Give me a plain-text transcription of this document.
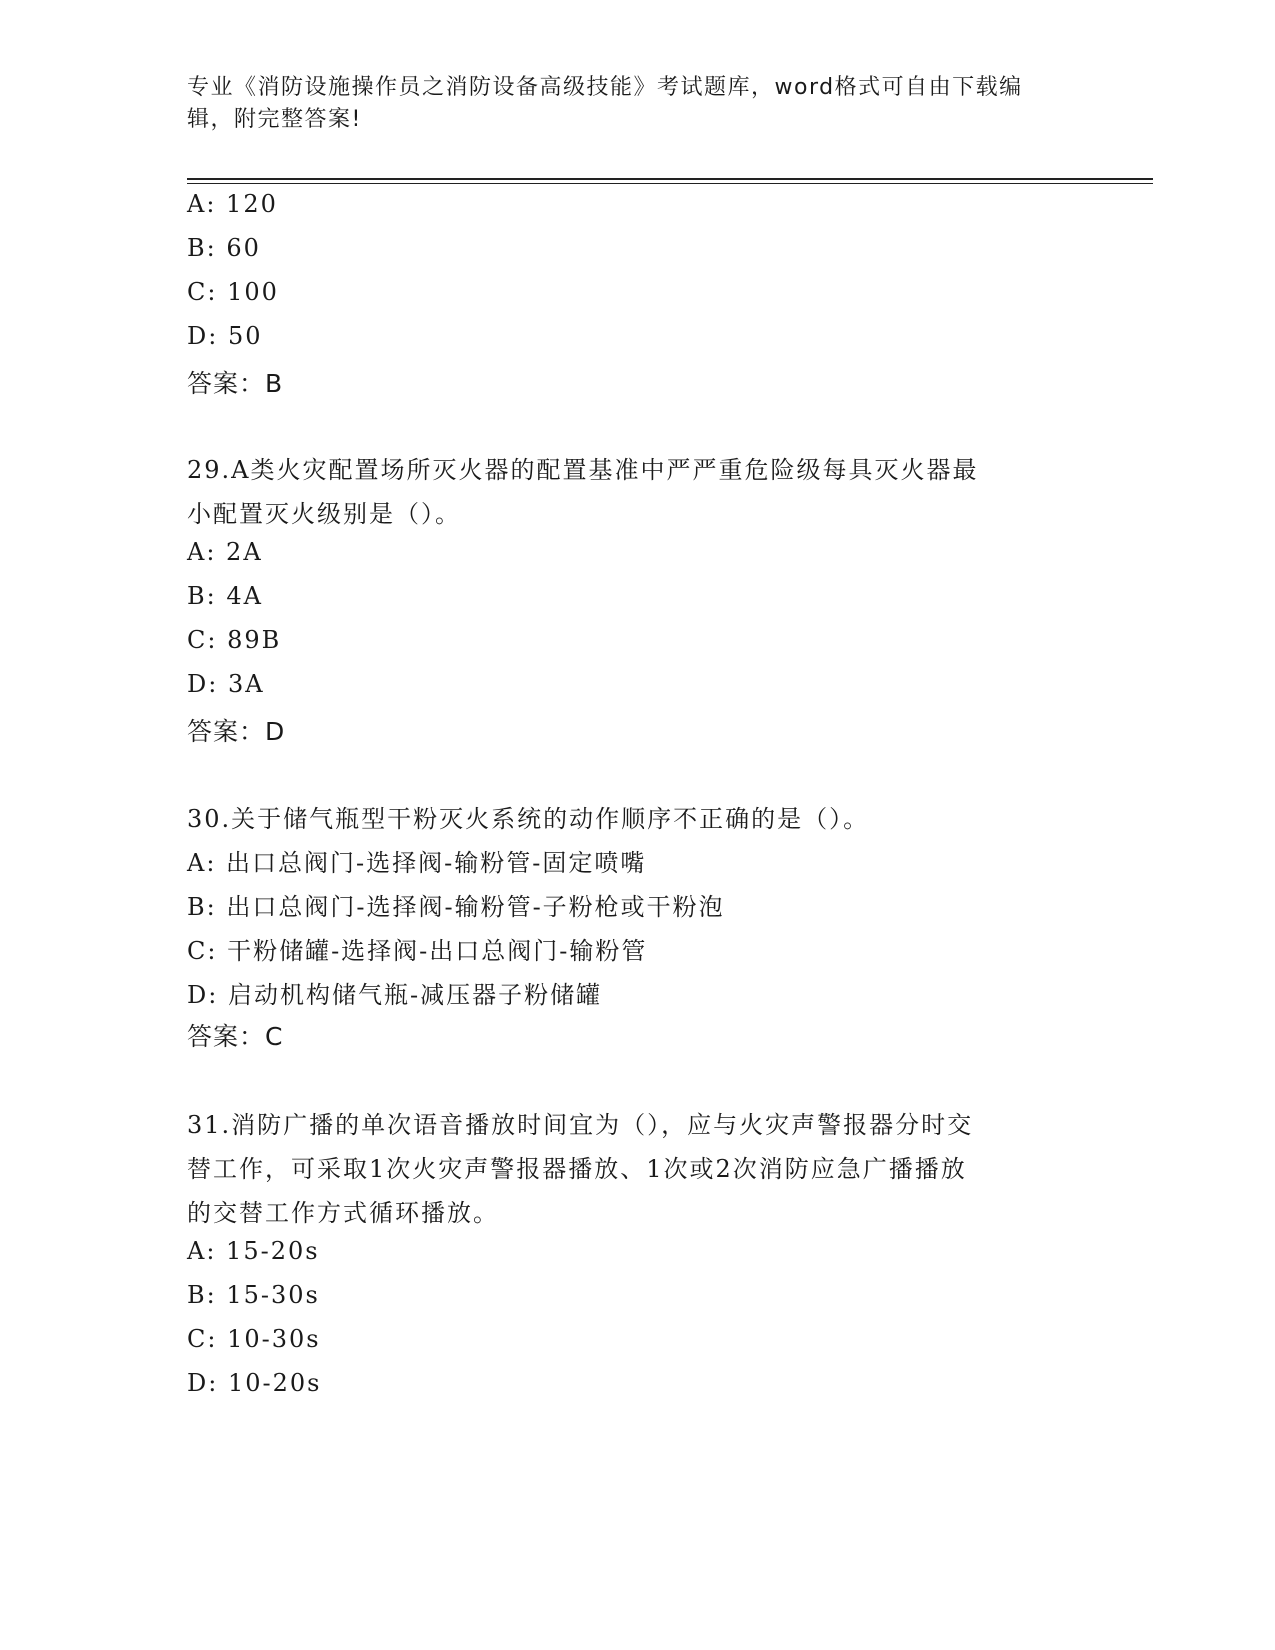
专业《消防设施操作员之消防设备高级技能》考试题库，word格式可自由下载编
辑，附完整答案!
A: 120
B: 60
C: 100
D: 50
答案：B
29.A类火灾配置场所灭火器的配置基准中严严重危险级每具灭火器最
小配置灭火级别是（）。
A: 2A
B: 4A
C: 89B
D: 3A
答案：D
30.关于储气瓶型干粉灭火系统的动作顺序不正确的是（）。
A: 出口总阀门-选择阀-输粉管-固定喷嘴
B: 出口总阀门-选择阀-输粉管-子粉枪或干粉泡
C: 干粉储罐-选择阀-出口总阀门-输粉管
D: 启动机构储气瓶-减压器子粉储罐
答案：C
31.消防广播的单次语音播放时间宜为（），应与火灾声警报器分时交
替工作，可采取1次火灾声警报器播放、1次或2次消防应急广播播放
的交替工作方式循环播放。
A: 15-20s
B: 15-30s
C: 10-30s
D: 10-20s
